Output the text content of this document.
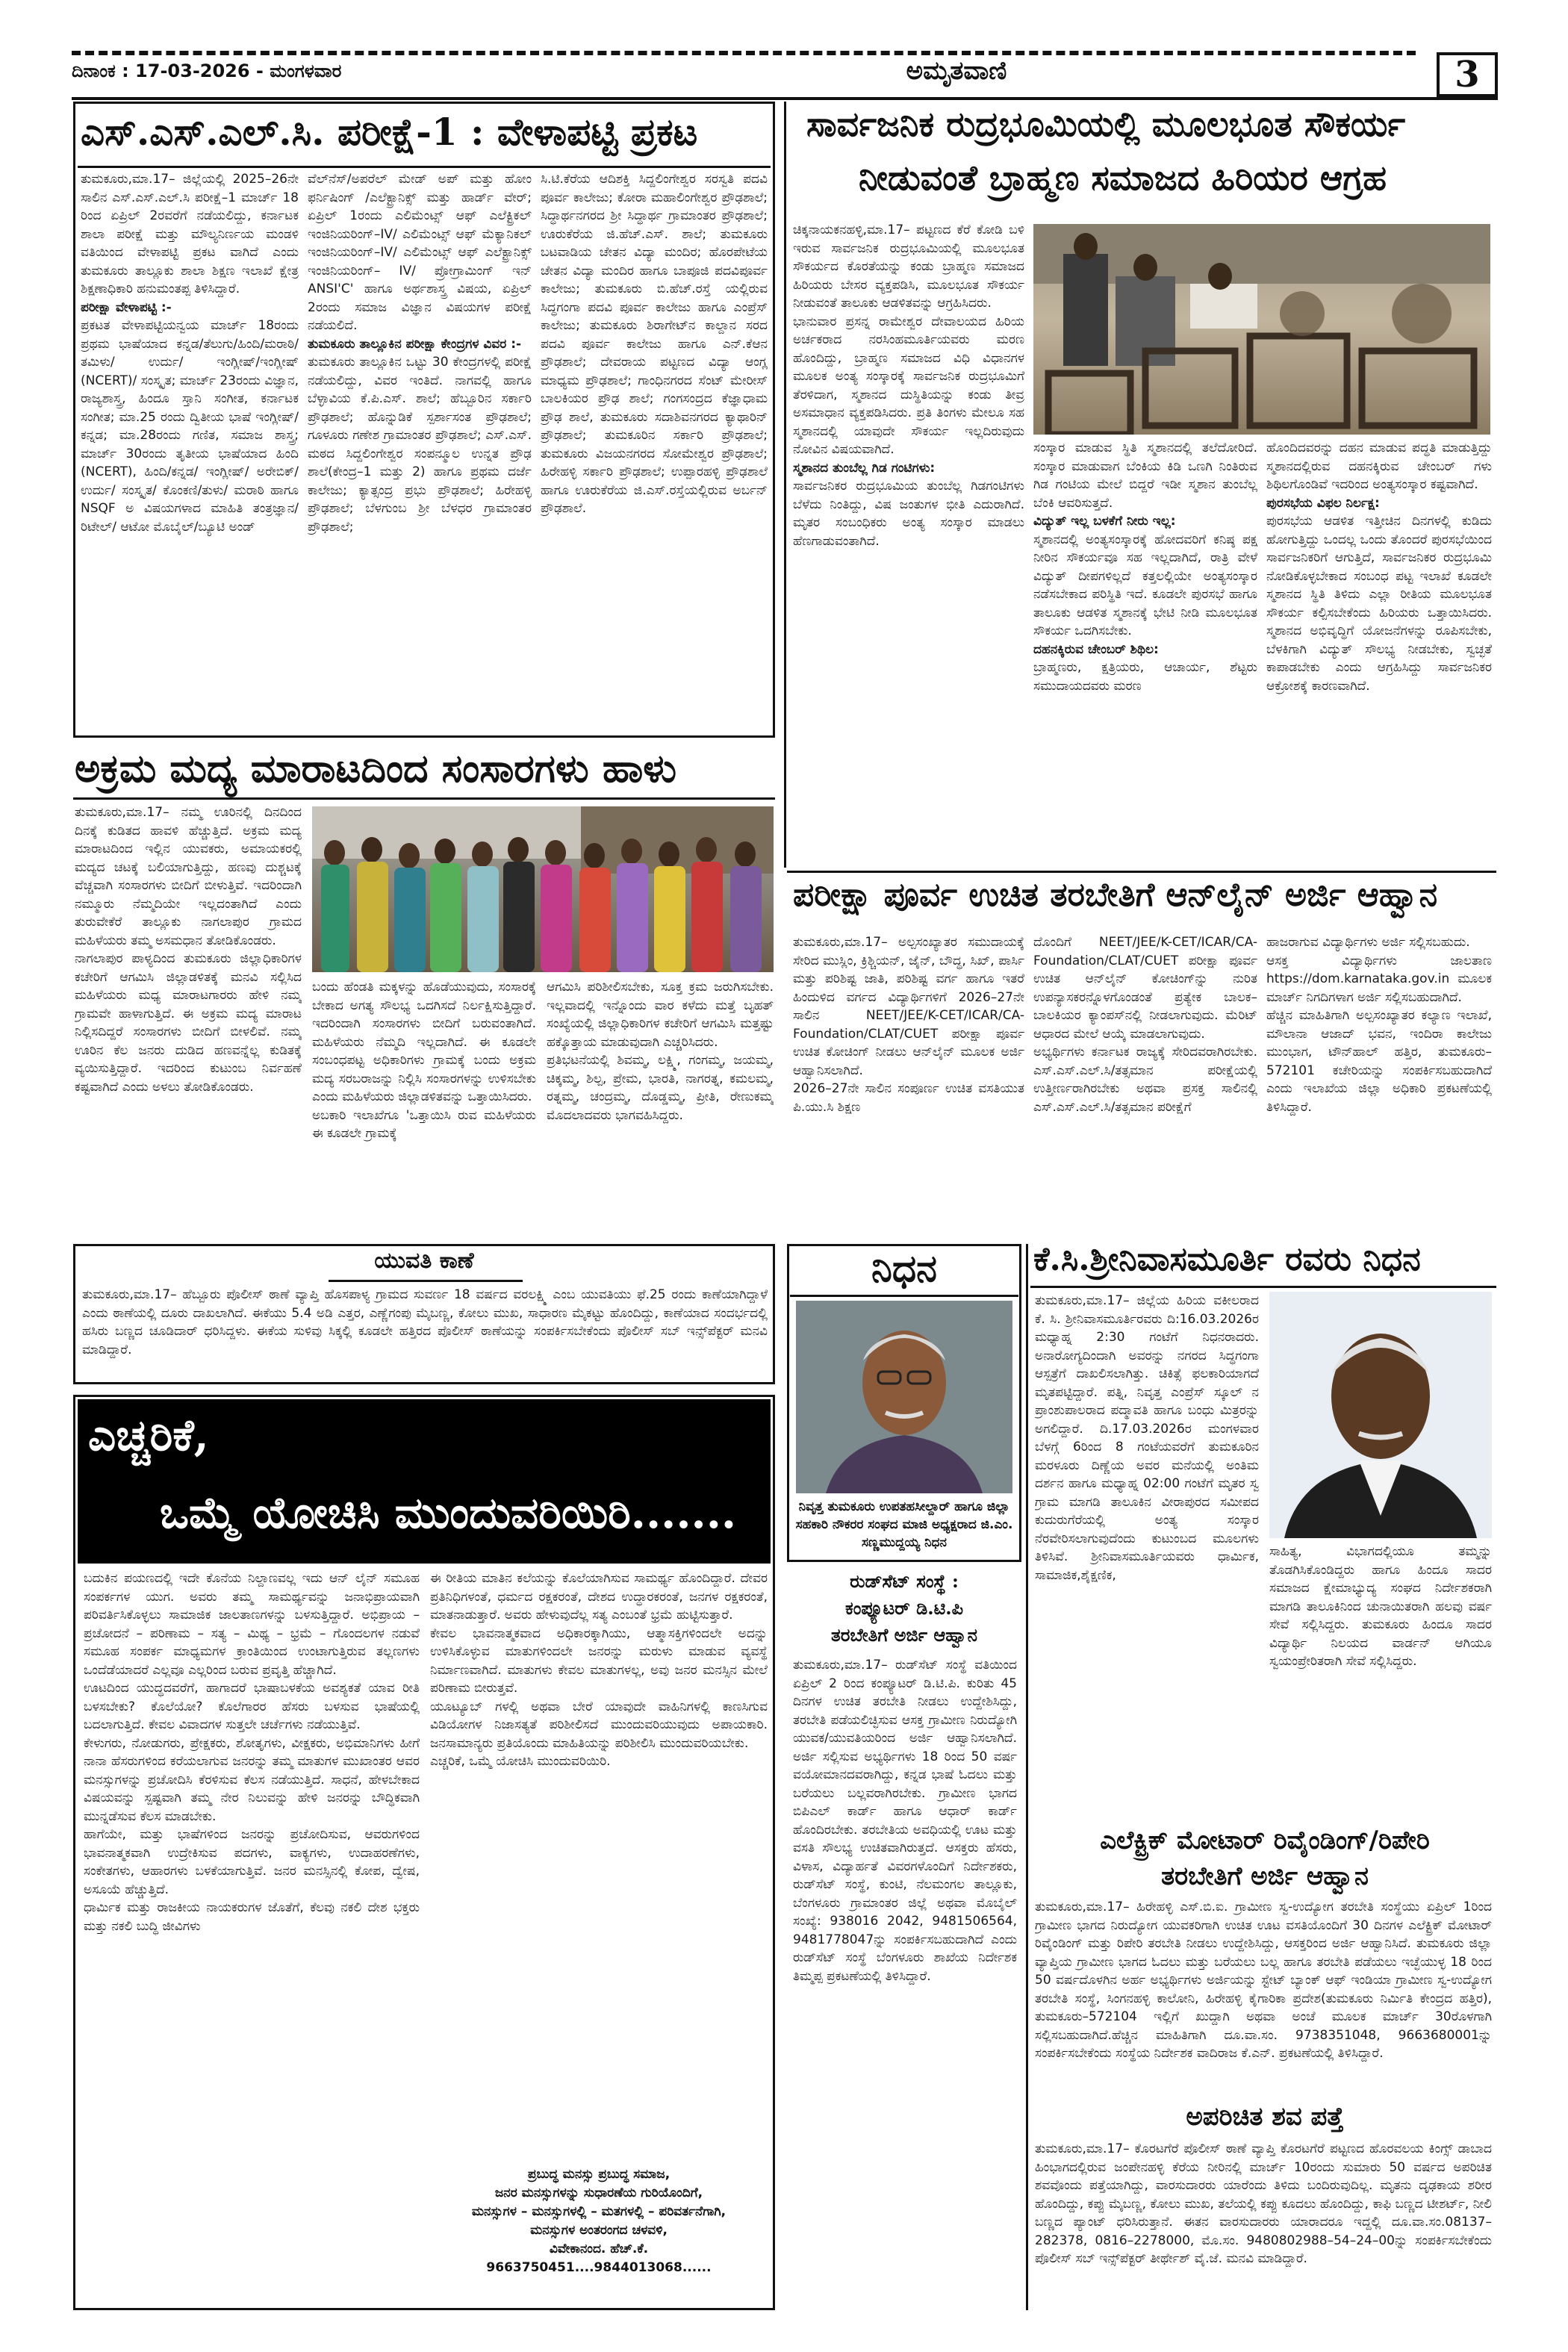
ದಿನಾಂಕ : 17-03-2026 - ಮಂಗಳವಾರ	ಅಮೃತವಾಣಿ	3
ಎಸ್.ಎಸ್.ಎಲ್.ಸಿ. ಪರೀಕ್ಷೆ-1 : ವೇಳಾಪಟ್ಟಿ ಪ್ರಕಟ
ತುಮಕೂರು,ಮಾ.17– ಜಿಲ್ಲೆಯಲ್ಲಿ 2025–26ನೇ ಸಾಲಿನ ಎಸ್.ಎಸ್.ಎಲ್.ಸಿ ಪರೀಕ್ಷೆ–1 ಮಾರ್ಚ್ 18 ರಿಂದ ಏಪ್ರಿಲ್ 2ರವರೆಗೆ ನಡೆಯಲಿದ್ದು, ಕರ್ನಾಟಕ ಶಾಲಾ ಪರೀಕ್ಷೆ ಮತ್ತು ಮೌಲ್ಯನಿರ್ಣಯ ಮಂಡಳಿ ವತಿಯಿಂದ ವೇಳಾಪಟ್ಟಿ ಪ್ರಕಟ ವಾಗಿದೆ ಎಂದು ತುಮಕೂರು ತಾಲ್ಲೂಕು ಶಾಲಾ ಶಿಕ್ಷಣ ಇಲಾಖೆ ಕ್ಷೇತ್ರ ಶಿಕ್ಷಣಾಧಿಕಾರಿ ಹನುಮಂತಪ್ಪ ತಿಳಿಸಿದ್ದಾರೆ.
ಪರೀಕ್ಷಾ ವೇಳಾಪಟ್ಟಿ :-
ಪ್ರಕಟತ ವೇಳಾಪಟ್ಟಿಯನ್ವಯ ಮಾರ್ಚ್ 18ರಂದು ಪ್ರಥಮ ಭಾಷೆಯಾದ ಕನ್ನಡ/ತೆಲುಗು/ಹಿಂದಿ/ಮರಾಠಿ/ ತಮಿಳು/ ಉರ್ದು/ ಇಂಗ್ಲೀಷ್/ಇಂಗ್ಲೀಷ್ (NCERT)/ ಸಂಸ್ಕೃತ; ಮಾರ್ಚ್ 23ರಂದು ವಿಜ್ಞಾನ, ರಾಜ್ಯಶಾಸ್ತ್ರ, ಹಿಂದೂ ಸ್ತಾನಿ ಸಂಗೀತ, ಕರ್ನಾಟಕ ಸಂಗೀತ; ಮಾ.25 ರಂದು ದ್ವಿತೀಯ ಭಾಷೆ ಇಂಗ್ಲೀಷ್/ ಕನ್ನಡ; ಮಾ.28ರಂದು ಗಣಿತ, ಸಮಾಜ ಶಾಸ್ತ್ರ; ಮಾರ್ಚ್ 30ರಂದು ತೃತೀಯ ಭಾಷೆಯಾದ ಹಿಂದಿ (NCERT), ಹಿಂದಿ/ಕನ್ನಡ/ ಇಂಗ್ಲೀಷ್/ ಅರೇಬಿಕ್/ ಉರ್ದು/ ಸಂಸ್ಕೃತ/ ಕೊಂಕಣಿ/ತುಳು/ ಮರಾಠಿ ಹಾಗೂ NSQF ಅ ವಿಷಯಗಳಾದ ಮಾಹಿತಿ ತಂತ್ರಜ್ಞಾನ/ ರಿಟೇಲ್/ ಆಟೋ ಮೊಬೈಲ್/ಬ್ಯೂಟಿ ಅಂಡ್
ವೆಲ್‌ನೆಸ್/ಅಪರೆಲ್ ಮೇಡ್ ಅಪ್ ಮತ್ತು ಹೋಂ ಫರ್ನಿಷಿಂಗ್ /ಎಲೆಕ್ಟ್ರಾನಿಕ್ಸ್ ಮತ್ತು ಹಾರ್ಡ್ ವೇರ್; ಏಪ್ರಿಲ್ 1ರಂದು ಎಲಿಮೆಂಟ್ಸ್ ಆಫ್ ಎಲೆಕ್ಟ್ರಿಕಲ್ ಇಂಜಿನಿಯರಿಂಗ್–IV/ ಎಲಿಮೆಂಟ್ಸ್ ಆಫ್ ಮೆಕ್ಯಾನಿಕಲ್ ಇಂಜಿನಿಯರಿಂಗ್–IV/ ಎಲಿಮೆಂಟ್ಸ್ ಆಫ್ ಎಲೆಕ್ಟ್ರಾನಿಕ್ಸ್ ಇಂಜಿನಿಯರಿಂಗ್– IV/ ಪ್ರೋಗ್ರಾಮಿಂಗ್ ಇನ್ ANSI'C' ಹಾಗೂ ಅರ್ಥಶಾಸ್ತ್ರ ವಿಷಯ, ಏಪ್ರಿಲ್ 2ರಂದು ಸಮಾಜ ವಿಜ್ಞಾನ ವಿಷಯಗಳ ಪರೀಕ್ಷೆ ನಡೆಯಲಿದೆ.
ತುಮಕೂರು ತಾಲ್ಲೂಕಿನ ಪರೀಕ್ಷಾ ಕೇಂದ್ರಗಳ ವಿವರ :-
ತುಮಕೂರು ತಾಲ್ಲೂಕಿನ ಒಟ್ಟು 30 ಕೇಂದ್ರಗಳಲ್ಲಿ ಪರೀಕ್ಷೆ ನಡೆಯಲಿದ್ದು, ವಿವರ ಇಂತಿದೆ. ನಾಗವಲ್ಲಿ ಹಾಗೂ ಬೆಳ್ಳಾವಿಯ ಕೆ.ಪಿ.ಎಸ್. ಶಾಲೆ; ಹೆಬ್ಬೂರಿನ ಸರ್ಕಾರಿ ಪ್ರೌಢಶಾಲೆ; ಹೊನ್ನುಡಿಕೆ ಸ್ಪರ್ಶಾಸಂತ ಪ್ರೌಢಶಾಲೆ; ಗೂಳೂರು ಗಣೇಶ ಗ್ರಾಮಾಂತರ ಪ್ರೌಢಶಾಲೆ; ಎಸ್.ಎಸ್. ಮಠದ ಸಿದ್ದಲಿಂಗೇಶ್ವರ ಸಂಪನ್ಮೂಲ ಉನ್ನತ ಪ್ರೌಢ ಶಾಲೆ(ಕೇಂದ್ರ–1 ಮತ್ತು 2) ಹಾಗೂ ಪ್ರಥಮ ದರ್ಜೆ ಕಾಲೇಜು; ಕ್ಯಾತ್ಸಂದ್ರ ಪ್ರಭು ಪ್ರೌಢಶಾಲೆ; ಹಿರೇಹಳ್ಳಿ ಪ್ರೌಢಶಾಲೆ; ಬೆಳಗುಂಬ ಶ್ರೀ ಬೆಳಧರ ಗ್ರಾಮಾಂತರ ಪ್ರೌಢಶಾಲೆ;
ಸಿ.ಟಿ.ಕೆರೆಯ ಆದಿಶಕ್ತಿ ಸಿದ್ದಲಿಂಗೇಶ್ವರ ಸರಸ್ವತಿ ಪದವಿ ಪೂರ್ವ ಕಾಲೇಜು; ಕೋರಾ ಮಹಾಲಿಂಗೇಶ್ವರ ಪ್ರೌಢಶಾಲೆ; ಸಿದ್ಧಾರ್ಥನಗರದ ಶ್ರೀ ಸಿದ್ಧಾರ್ಥ ಗ್ರಾಮಾಂತರ ಪ್ರೌಢಶಾಲೆ; ಊರುಕೆರೆಯ ಜಿ.ಹೆಚ್.ಎಸ್. ಶಾಲೆ; ತುಮಕೂರು ಬಟವಾಡಿಯ ಚೇತನ ವಿದ್ಯಾ ಮಂದಿರ; ಹೊರಪೇಟೆಯ ಚೇತನ ವಿದ್ಯಾ ಮಂದಿರ ಹಾಗೂ ಬಾಪೂಜಿ ಪದವಿಪೂರ್ವ ಕಾಲೇಜು; ತುಮಕೂರು ಬಿ.ಹೆಚ್.ರಸ್ತೆ ಯಲ್ಲಿರುವ ಸಿದ್ಧಗಂಗಾ ಪದವಿ ಪೂರ್ವ ಕಾಲೇಜು ಹಾಗೂ ಎಂಪ್ರೆಸ್ ಕಾಲೇಜು; ತುಮಕೂರು ಶಿರಾಗೇಟ್‌ನ ಕಾಲ್ದಾನ ಸರದ ಪದವಿ ಪೂರ್ವ ಕಾಲೇಜು ಹಾಗೂ ಎನ್.ಕೆಆನ ಪ್ರೌಢಶಾಲೆ; ದೇವರಾಯ ಪಟ್ಟಣದ ವಿದ್ಯಾ ಆಂಗ್ಲ ಮಾಧ್ಯಮ ಪ್ರೌಢಶಾಲೆ; ಗಾಂಧಿನಗರದ ಸೆಂಟ್ ಮೇರೀಸ್ ಬಾಲಕಿಯರ ಪ್ರೌಢ ಶಾಲೆ; ಗಂಗಸಂದ್ರದ ಕೆಜ್ಞಾಧಾಮ ಪ್ರೌಢ ಶಾಲೆ, ತುಮಕೂರು ಸದಾಶಿವನಗರದ ಕ್ಯಾಥಾರಿನ್ ಪ್ರೌಢಶಾಲೆ; ತುಮಕೂರಿನ ಸರ್ಕಾರಿ ಪ್ರೌಢಶಾಲೆ; ತುಮಕೂರು ವಿಜಯನಗರದ ಸೋಮೇಶ್ವರ ಪ್ರೌಢಶಾಲೆ; ಹಿರೇಹಳ್ಳಿ ಸರ್ಕಾರಿ ಪ್ರೌಢಶಾಲೆ; ಉಪ್ಪಾರಹಳ್ಳಿ ಪ್ರೌಢಶಾಲೆ ಹಾಗೂ ಊರುಕೆರೆಯ ಜಿ.ಎಸ್.ರಸ್ತೆಯಲ್ಲಿರುವ ಅರ್ಬನ್ ಪ್ರೌಢಶಾಲೆ.
ಅಕ್ರಮ ಮದ್ಯ ಮಾರಾಟದಿಂದ ಸಂಸಾರಗಳು ಹಾಳು
ತುಮಕೂರು,ಮಾ.17– ನಮ್ಮ ಊರಿನಲ್ಲಿ ದಿನದಿಂದ ದಿನಕ್ಕೆ ಕುಡಿತದ ಹಾವಳಿ ಹೆಚ್ಚುತ್ತಿದೆ. ಅಕ್ರಮ ಮದ್ಯ ಮಾರಾಟದಿಂದ ಇಲ್ಲಿನ ಯುವಕರು, ಅಮಾಯಕರಲ್ಲಿ ಮದ್ಯದ ಚಟಕ್ಕೆ ಬಲಿಯಾಗುತ್ತಿದ್ದು, ಹಣವು ದುಶ್ಚಟಕ್ಕೆ ವೆಚ್ಚವಾಗಿ ಸಂಸಾರಗಳು ಬೀದಿಗೆ ಬೀಳುತ್ತಿವೆ. ಇದರಿಂದಾಗಿ ನಮ್ಮೂರು ನೆಮ್ಮದಿಯೇ ಇಲ್ಲದಂತಾಗಿದೆ ಎಂದು ತುರುವೇಕೆರೆ ತಾಲ್ಲೂಕು ನಾಗಲಾಪುರ ಗ್ರಾಮದ ಮಹಿಳೆಯರು ತಮ್ಮ ಅಸಮಧಾನ ತೋಡಿಕೊಂಡರು.
ನಾಗಲಾಪುರ ಪಾಳ್ಯದಿಂದ ತುಮಕೂರು ಜಿಲ್ಲಾಧಿಕಾರಿಗಳ ಕಚೇರಿಗೆ ಆಗಮಿಸಿ ಜಿಲ್ಲಾಡಳಿತಕ್ಕೆ ಮನವಿ ಸಲ್ಲಿಸಿದ ಮಹಿಳೆಯರು ಮಧ್ಯ ಮಾರಾಟಗಾರರು ಹೇಳಿ ನಮ್ಮ ಗ್ರಾಮವೇ ಹಾಳಾಗುತ್ತಿದೆ. ಈ ಅಕ್ರಮ ಮದ್ಯ ಮಾರಾಟ ನಿಲ್ಲಿಸದಿದ್ದರೆ ಸಂಸಾರಗಳು ಬೀದಿಗೆ ಬೀಳಲಿವೆ. ನಮ್ಮ ಊರಿನ ಕೆಲ ಜನರು ದುಡಿದ ಹಣವನ್ನೆಲ್ಲ ಕುಡಿತಕ್ಕೆ ವ್ಯಯಿಸುತ್ತಿದ್ದಾರೆ. ಇದರಿಂದ ಕುಟುಂಬ ನಿರ್ವಹಣೆ ಕಷ್ಟವಾಗಿದೆ ಎಂದು ಅಳಲು ತೋಡಿಕೊಂಡರು.
ಬಂದು ಹೆಂಡತಿ ಮಕ್ಕಳನ್ನು ಹೊಡೆಯುವುದು, ಸಂಸಾರಕ್ಕೆ ಬೇಕಾದ ಅಗತ್ಯ ಸೌಲಭ್ಯ ಒದಗಿಸದೆ ನಿರ್ಲಕ್ಷಿಸುತ್ತಿದ್ದಾರೆ. ಇದರಿಂದಾಗಿ ಸಂಸಾರಗಳು ಬೀದಿಗೆ ಬರುವಂತಾಗಿದೆ. ಮಹಿಳೆಯರು ನೆಮ್ಮದಿ ಇಲ್ಲದಾಗಿದೆ. ಈ ಕೂಡಲೇ ಸಂಬಂಧಪಟ್ಟ ಅಧಿಕಾರಿಗಳು ಗ್ರಾಮಕ್ಕೆ ಬಂದು ಅಕ್ರಮ ಮದ್ಯ ಸರಬರಾಜನ್ನು ನಿಲ್ಲಿಸಿ ಸಂಸಾರಗಳನ್ನು ಉಳಿಸಬೇಕು ಎಂದು ಮಹಿಳೆಯರು ಜಿಲ್ಲಾಡಳಿತವನ್ನು ಒತ್ತಾಯಿಸಿದರು.
ಅಬಕಾರಿ ಇಲಾಖೆಗೂ 'ಒತ್ತಾಯಿಸಿ ರುವ ಮಹಿಳೆಯರು ಈ ಕೂಡಲೇ ಗ್ರಾಮಕ್ಕೆ
ಆಗಮಿಸಿ ಪರಿಶೀಲಿಸಬೇಕು, ಸೂಕ್ತ ಕ್ರಮ ಜರುಗಿಸಬೇಕು. ಇಲ್ಲವಾದಲ್ಲಿ ಇನ್ನೊಂದು ವಾರ ಕಳೆದು ಮತ್ತೆ ಬೃಹತ್ ಸಂಖ್ಯೆಯಲ್ಲಿ ಜಿಲ್ಲಾಧಿಕಾರಿಗಳ ಕಚೇರಿಗೆ ಆಗಮಿಸಿ ಮತ್ತಷ್ಟು ಹಕ್ಕೊತ್ತಾಯ ಮಾಡುವುದಾಗಿ ಎಚ್ಚರಿಸಿದರು.
ಪ್ರತಿಭಟನೆಯಲ್ಲಿ ಶಿವಮ್ಮ, ಲಕ್ಷ್ಮಿ, ಗಂಗಮ್ಮ, ಜಯಮ್ಮ, ಚಿಕ್ಕಮ್ಮ, ಶಿಲ್ಪ, ಪ್ರೇಮ, ಭಾರತಿ, ನಾಗರತ್ನ, ಕಮಲಮ್ಮ, ರತ್ನಮ್ಮ, ಚಂದ್ರಮ್ಮ, ದೊಡ್ಡಮ್ಮ, ಪ್ರೀತಿ, ರೇಣುಕಮ್ಮ ಮೊದಲಾದವರು ಭಾಗವಹಿಸಿದ್ದರು.
ಸಾರ್ವಜನಿಕ ರುದ್ರಭೂಮಿಯಲ್ಲಿ ಮೂಲಭೂತ ಸೌಕರ್ಯ
ನೀಡುವಂತೆ ಬ್ರಾಹ್ಮಣ ಸಮಾಜದ ಹಿರಿಯರ ಆಗ್ರಹ
ಚಿಕ್ಕನಾಯಕನಹಳ್ಳಿ,ಮಾ.17– ಪಟ್ಟಣದ ಕೆರೆ ಕೋಡಿ ಬಳಿ ಇರುವ ಸಾರ್ವಜನಿಕ ರುದ್ರಭೂಮಿಯಲ್ಲಿ ಮೂಲಭೂತ ಸೌಕರ್ಯದ ಕೊರತೆಯನ್ನು ಕಂಡು ಬ್ರಾಹ್ಮಣ ಸಮಾಜದ ಹಿರಿಯರು ಬೇಸರ ವ್ಯಕ್ತಪಡಿಸಿ, ಮೂಲಭೂತ ಸೌಕರ್ಯ ನೀಡುವಂತೆ ತಾಲೂಕು ಆಡಳಿತವನ್ನು ಆಗ್ರಹಿಸಿದರು.
ಭಾನುವಾರ ಪ್ರಸನ್ನ ರಾಮೇಶ್ವರ ದೇವಾಲಯದ ಹಿರಿಯ ಅರ್ಚಕರಾದ ನರಸಿಂಹಮೂರ್ತಿಯವರು ಮರಣ ಹೊಂದಿದ್ದು, ಬ್ರಾಹ್ಮಣ ಸಮಾಜದ ವಿಧಿ ವಿಧಾನಗಳ ಮೂಲಕ ಅಂತ್ಯ ಸಂಸ್ಕಾರಕ್ಕೆ ಸಾರ್ವಜನಿಕ ರುದ್ರಭೂಮಿಗೆ ತೆರಳಿದಾಗ, ಸ್ಮಶಾನದ ದುಸ್ಥಿತಿಯನ್ನು ಕಂಡು ತೀವ್ರ ಅಸಮಾಧಾನ ವ್ಯಕ್ತಪಡಿಸಿದರು. ಪ್ರತಿ ತಿಂಗಳು ಮೇಲೂ ಸಹ ಸ್ಮಶಾನದಲ್ಲಿ ಯಾವುದೇ ಸೌಕರ್ಯ ಇಲ್ಲದಿರುವುದು ನೋವಿನ ವಿಷಯವಾಗಿದೆ.
ಸ್ಮಶಾನದ ತುಂಬೆಲ್ಲ ಗಿಡ ಗಂಟಿಗಳು:
ಸಾರ್ವಜನಿಕರ ರುದ್ರಭೂಮಿಯ ತುಂಬೆಲ್ಲ ಗಿಡಗಂಟಿಗಳು ಬೆಳೆದು ನಿಂತಿದ್ದು, ವಿಷ ಜಂತುಗಳ ಭೀತಿ ಎದುರಾಗಿದೆ. ಮೃತರ ಸಂಬಂಧಿಕರು ಅಂತ್ಯ ಸಂಸ್ಕಾರ ಮಾಡಲು ಹೆಣಗಾಡುವಂತಾಗಿದೆ.
ಸಂಸ್ಕಾರ ಮಾಡುವ ಸ್ಥಿತಿ ಸ್ಮಶಾನದಲ್ಲಿ ತಲೆದೋರಿದೆ. ಸಂಸ್ಕಾರ ಮಾಡುವಾಗ ಬೆಂಕಿಯ ಕಿಡಿ ಒಣಗಿ ನಿಂತಿರುವ ಗಿಡ ಗಂಟಿಯ ಮೇಲೆ ಬಿದ್ದರೆ ಇಡೀ ಸ್ಮಶಾನ ತುಂಬೆಲ್ಲ ಬೆಂಕಿ ಆವರಿಸುತ್ತದೆ.
ವಿದ್ಯುತ್ ಇಲ್ಲ ಬಳಕೆಗೆ ನೀರು ಇಲ್ಲ:
ಸ್ಮಶಾನದಲ್ಲಿ ಅಂತ್ಯಸಂಸ್ಕಾರಕ್ಕೆ ಹೋದವರಿಗೆ ಕನಿಷ್ಠ ಪಕ್ಷ ನೀರಿನ ಸೌಕರ್ಯವೂ ಸಹ ಇಲ್ಲದಾಗಿದೆ, ರಾತ್ರಿ ವೇಳೆ ವಿದ್ಯುತ್ ದೀಪಗಳಿಲ್ಲದೆ ಕತ್ತಲಲ್ಲಿಯೇ ಅಂತ್ಯಸಂಸ್ಕಾರ ನಡೆಸಬೇಕಾದ ಪರಿಸ್ಥಿತಿ ಇದೆ. ಕೂಡಲೇ ಪುರಸಭೆ ಹಾಗೂ ತಾಲೂಕು ಆಡಳಿತ ಸ್ಮಶಾನಕ್ಕೆ ಭೇಟಿ ನೀಡಿ ಮೂಲಭೂತ ಸೌಕರ್ಯ ಒದಗಿಸಬೇಕು.
ದಹನಕ್ಕಿರುವ ಚೇಂಬರ್ ಶಿಥಿಲ:
ಬ್ರಾಹ್ಮಣರು, ಕ್ಷತ್ರಿಯರು, ಆಚಾರ್ಯ, ಶೆಟ್ಟರು ಸಮುದಾಯದವರು ಮರಣ
ಹೊಂದಿದವರನ್ನು ದಹನ ಮಾಡುವ ಪದ್ಧತಿ ಮಾಡುತ್ತಿದ್ದು ಸ್ಮಶಾನದಲ್ಲಿರುವ ದಹನಕ್ಕಿರುವ ಚೇಂಬರ್ ಗಳು ಶಿಥಿಲಗೊಂಡಿವೆ ಇದರಿಂದ ಅಂತ್ಯಸಂಸ್ಕಾರ ಕಷ್ಟವಾಗಿದೆ.
ಪುರಸಭೆಯ ವಿಫಲ ನಿರ್ಲಕ್ಷ:
ಪುರಸಭೆಯ ಆಡಳಿತ ಇತ್ತೀಚಿನ ದಿನಗಳಲ್ಲಿ ಕುಡಿದು ಹೋಗುತ್ತಿದ್ದು ಒಂದಲ್ಲ ಒಂದು ತೊಂದರೆ ಪುರಸಭೆಯಿಂದ ಸಾರ್ವಜನಿಕರಿಗೆ ಆಗುತ್ತಿದೆ, ಸಾರ್ವಜನಿಕರ ರುದ್ರಭೂಮಿ ನೋಡಿಕೊಳ್ಳಬೇಕಾದ ಸಂಬಂಧ ಪಟ್ಟ ಇಲಾಖೆ ಕೂಡಲೇ ಸ್ಮಶಾನದ ಸ್ಥಿತಿ ತಿಳಿದು ಎಲ್ಲಾ ರೀತಿಯ ಮೂಲಭೂತ ಸೌಕರ್ಯ ಕಲ್ಪಿಸಬೇಕೆಂದು ಹಿರಿಯರು ಒತ್ತಾಯಿಸಿದರು. ಸ್ಮಶಾನದ ಅಭಿವೃದ್ಧಿಗೆ ಯೋಜನೆಗಳನ್ನು ರೂಪಿಸಬೇಕು, ಬೆಳಕಿಗಾಗಿ ವಿದ್ಯುತ್ ಸೌಲಭ್ಯ ನೀಡಬೇಕು, ಸ್ವಚ್ಛತೆ ಕಾಪಾಡಬೇಕು ಎಂದು ಆಗ್ರಹಿಸಿದ್ದು ಸಾರ್ವಜನಿಕರ ಆಕ್ರೋಶಕ್ಕೆ ಕಾರಣವಾಗಿದೆ.
ಪರೀಕ್ಷಾ ಪೂರ್ವ ಉಚಿತ ತರಬೇತಿಗೆ ಆನ್‌ಲೈನ್ ಅರ್ಜಿ ಆಹ್ವಾನ
ತುಮಕೂರು,ಮಾ.17– ಅಲ್ಪಸಂಖ್ಯಾತರ ಸಮುದಾಯಕ್ಕೆ ಸೇರಿದ ಮುಸ್ಲಿಂ, ಕ್ರಿಶ್ಚಿಯನ್, ಜೈನ್, ಬೌದ್ಧ, ಸಿಖ್, ಪಾರ್ಸಿ ಮತ್ತು ಪರಿಶಿಷ್ಟ ಜಾತಿ, ಪರಿಶಿಷ್ಟ ವರ್ಗ ಹಾಗೂ ಇತರೆ ಹಿಂದುಳಿದ ವರ್ಗದ ವಿದ್ಯಾರ್ಥಿಗಳಿಗೆ 2026–27ನೇ ಸಾಲಿನ NEET/JEE/K-CET/ICAR/CA-Foundation/CLAT/CUET ಪರೀಕ್ಷಾ ಪೂರ್ವ ಉಚಿತ ಕೋಚಿಂಗ್ ನೀಡಲು ಆನ್‌ಲೈನ್ ಮೂಲಕ ಅರ್ಜಿ ಆಹ್ವಾನಿಸಲಾಗಿದೆ.
2026–27ನೇ ಸಾಲಿನ ಸಂಪೂರ್ಣ ಉಚಿತ ವಸತಿಯುತ ಪಿ.ಯು.ಸಿ ಶಿಕ್ಷಣ
ದೊಂದಿಗೆ NEET/JEE/K-CET/ICAR/CA-Foundation/CLAT/CUET ಪರೀಕ್ಷಾ ಪೂರ್ವ ಉಚಿತ ಆನ್‌ಲೈನ್ ಕೋಚಿಂಗ್‌ನ್ನು ನುರಿತ ಉಪನ್ಯಾಸಕರನ್ನೊಳಗೊಂಡಂತೆ ಪ್ರತ್ಯೇಕ ಬಾಲಕ–ಬಾಲಕಿಯರ ಕ್ಯಾಂಪಸ್‌ನಲ್ಲಿ ನೀಡಲಾಗುವುದು. ಮೆರಿಟ್ ಆಧಾರದ ಮೇಲೆ ಆಯ್ಕೆ ಮಾಡಲಾಗುವುದು.
ಅಭ್ಯರ್ಥಿಗಳು ಕರ್ನಾಟಕ ರಾಜ್ಯಕ್ಕೆ ಸೇರಿದವರಾಗಿರಬೇಕು. ಎಸ್.ಎಸ್.ಎಲ್.ಸಿ/ತತ್ಸಮಾನ ಪರೀಕ್ಷೆಯಲ್ಲಿ ಉತ್ತೀರ್ಣರಾಗಿರಬೇಕು ಅಥವಾ ಪ್ರಸಕ್ತ ಸಾಲಿನಲ್ಲಿ ಎಸ್.ಎಸ್.ಎಲ್.ಸಿ/ತತ್ಸಮಾನ ಪರೀಕ್ಷೆಗೆ
ಹಾಜರಾಗುವ ವಿದ್ಯಾರ್ಥಿಗಳು ಅರ್ಜಿ ಸಲ್ಲಿಸಬಹುದು.
ಆಸಕ್ತ ವಿದ್ಯಾರ್ಥಿಗಳು ಜಾಲತಾಣ https://dom.karnataka.gov.in ಮೂಲಕ ಮಾರ್ಚ್ ನಿಗದಿಗಳಾಗ ಅರ್ಜಿ ಸಲ್ಲಿಸಬಹುದಾಗಿದೆ.
ಹೆಚ್ಚಿನ ಮಾಹಿತಿಗಾಗಿ ಅಲ್ಪಸಂಖ್ಯಾತರ ಕಲ್ಯಾಣ ಇಲಾಖೆ, ಮೌಲಾನಾ ಆಜಾದ್ ಭವನ, ಇಂದಿರಾ ಕಾಲೇಜು ಮುಂಭಾಗ, ಟೌನ್‌ಹಾಲ್ ಹತ್ತಿರ, ತುಮಕೂರು–572101 ಕಚೇರಿಯನ್ನು ಸಂಪರ್ಕಿಸಬಹುದಾಗಿದೆ ಎಂದು ಇಲಾಖೆಯ ಜಿಲ್ಲಾ ಅಧಿಕಾರಿ ಪ್ರಕಟಣೆಯಲ್ಲಿ ತಿಳಿಸಿದ್ದಾರೆ.
ಯುವತಿ ಕಾಣೆ
ತುಮಕೂರು,ಮಾ.17– ಹೆಬ್ಬೂರು ಪೊಲೀಸ್ ಠಾಣೆ ವ್ಯಾಪ್ತಿ ಹೊಸಪಾಳ್ಯ ಗ್ರಾಮದ ಸುವರ್ಣ 18 ವರ್ಷದ ವರಲಕ್ಷ್ಮಿ ಎಂಬ ಯುವತಿಯು ಫೆ.25 ರಂದು ಕಾಣೆಯಾಗಿದ್ದಾಳೆ ಎಂದು ಠಾಣೆಯಲ್ಲಿ ದೂರು ದಾಖಲಾಗಿದೆ. ಈಕೆಯು 5.4 ಅಡಿ ಎತ್ತರ, ಎಣ್ಣೆಗಂಪು ಮೈಬಣ್ಣ, ಕೋಲು ಮುಖ, ಸಾಧಾರಣ ಮೈಕಟ್ಟು ಹೊಂದಿದ್ದು, ಕಾಣೆಯಾದ ಸಂದರ್ಭದಲ್ಲಿ ಹಸಿರು ಬಣ್ಣದ ಚೂಡಿದಾರ್ ಧರಿಸಿದ್ದಳು. ಈಕೆಯ ಸುಳಿವು ಸಿಕ್ಕಲ್ಲಿ ಕೂಡಲೇ ಹತ್ತಿರದ ಪೊಲೀಸ್ ಠಾಣೆಯನ್ನು ಸಂಪರ್ಕಿಸಬೇಕೆಂದು ಪೊಲೀಸ್ ಸಬ್ ಇನ್ಸ್‌ಪೆಕ್ಟರ್ ಮನವಿ ಮಾಡಿದ್ದಾರೆ.
ಎಚ್ಚರಿಕೆ,
ಒಮ್ಮೆ ಯೋಚಿಸಿ ಮುಂದುವರಿಯಿರಿ.......
ಬದುಕಿನ ಪಯಣದಲ್ಲಿ ಇದೇ ಕೊನೆಯ ನಿಲ್ದಾಣವಲ್ಲ ಇದು ಆನ್ ಲೈನ್ ಸಮೂಹ ಸಂಪರ್ಕಗಳ ಯುಗ. ಅವರು ತಮ್ಮ ಸಾಮರ್ಥ್ಯವನ್ನು ಜನಾಭಿಪ್ರಾಯವಾಗಿ ಪರಿವರ್ತಿಸಿಕೊಳ್ಳಲು ಸಾಮಾಜಿಕ ಜಾಲತಾಣಗಳನ್ನು ಬಳಸುತ್ತಿದ್ದಾರೆ. ಅಭಿಪ್ರಾಯ – ಪ್ರಚೋದನೆ – ಪರಿಣಾಮ – ಸತ್ಯ – ಮಿಥ್ಯ – ಭ್ರಮೆ – ಗೊಂದಲಗಳ ನಡುವೆ ಸಮೂಹ ಸಂಪರ್ಕ ಮಾಧ್ಯಮಗಳ ಕ್ರಾಂತಿಯಿಂದ ಉಂಟಾಗುತ್ತಿರುವ ತಲ್ಲಣಗಳು ಒಂದೆಡೆಯಾದರೆ ಎಲ್ಲವೂ ಎಲ್ಲರಿಂದ ಬರುವ ಪ್ರವೃತ್ತಿ ಹೆಚ್ಚಾಗಿದೆ.
ಊಟದಿಂದ ಯುದ್ಧದವರೆಗೆ, ಹಾಗಾದರೆ ಭಾಷಾಬಳಕೆಯ ಅವಶ್ಯಕತೆ ಯಾವ ರೀತಿ ಬಳಸಬೇಕು? ಕೊಲೆಯೋ? ಕೊಲೆಗಾರರ ಹೆಸರು ಬಳಸುವ ಭಾಷೆಯಲ್ಲಿ ಬದಲಾಗುತ್ತಿದೆ. ಕೇವಲ ವಿವಾದಗಳ ಸುತ್ತಲೇ ಚರ್ಚೆಗಳು ನಡೆಯುತ್ತಿವೆ.
ಕೇಳುಗರು, ನೋಡುಗರು, ಪ್ರೇಕ್ಷಕರು, ಶೋತೃಗಳು, ವೀಕ್ಷಕರು, ಅಭಿಮಾನಿಗಳು ಹೀಗೆ ನಾನಾ ಹೆಸರುಗಳಿಂದ ಕರೆಯಲಾಗುವ ಜನರನ್ನು ತಮ್ಮ ಮಾತುಗಳ ಮುಖಾಂತರ ಆವರ ಮನಸ್ಸುಗಳನ್ನು ಪ್ರಚೋದಿಸಿ ಕೆರಳಿಸುವ ಕೆಲಸ ನಡೆಯುತ್ತಿದೆ. ಸಾಧನೆ, ಹೇಳಬೇಕಾದ ವಿಷಯವನ್ನು ಸ್ಪಷ್ಟವಾಗಿ ತಮ್ಮ ನೇರ ನಿಲುವನ್ನು ಹೇಳಿ ಜನರನ್ನು ಬೌದ್ಧಿಕವಾಗಿ ಮುನ್ನಡೆಸುವ ಕೆಲಸ ಮಾಡಬೇಕು.
ಹಾಗೆಯೇ, ಮತ್ತು ಭಾಷೆಗಳಿಂದ ಜನರನ್ನು ಪ್ರಚೋದಿಸುವ, ಆವರುಗಳಿಂದ ಭಾವನಾತ್ಮಕವಾಗಿ ಉದ್ರೇಕಿಸುವ ಪದಗಳು, ವಾಕ್ಯಗಳು, ಉದಾಹರಣೆಗಳು, ಸಂಕೇತಗಳು, ಆಹಾರಗಳು ಬಳಕೆಯಾಗುತ್ತಿವೆ. ಜನರ ಮನಸ್ಸಿನಲ್ಲಿ ಕೋಪ, ದ್ವೇಷ, ಅಸೂಯೆ ಹೆಚ್ಚುತ್ತಿದೆ.
ಧಾರ್ಮಿಕ ಮತ್ತು ರಾಜಕೀಯ ನಾಯಕರುಗಳ ಜೊತೆಗೆ, ಕೆಲವು ನಕಲಿ ದೇಶ ಭಕ್ತರು ಮತ್ತು ನಕಲಿ ಬುದ್ಧಿ ಜೀವಿಗಳು
ಈ ರೀತಿಯ ಮಾತಿನ ಕಲೆಯನ್ನು ಕೊಲೆಯಾಗಿಸುವ ಸಾಮರ್ಥ್ಯ ಹೊಂದಿದ್ದಾರೆ. ದೇವರ ಪ್ರತಿನಿಧಿಗಳಂತೆ, ಧರ್ಮದ ರಕ್ಷಕರಂತೆ, ದೇಶದ ಉದ್ಧಾರಕರಂತೆ, ಜನಗಳ ರಕ್ಷಕರಂತೆ, ಮಾತನಾಡುತ್ತಾರೆ. ಅವರು ಹೇಳುವುದೆಲ್ಲ ಸತ್ಯ ಎಂಬಂತೆ ಭ್ರಮೆ ಹುಟ್ಟಿಸುತ್ತಾರೆ.
ಕೇವಲ ಭಾವನಾತ್ಮಕವಾದ ಅಧಿಕಾರಕ್ಕಾಗಿಯು, ಆತ್ಮಾಸಕ್ತಿಗಳಿಂದಲೇ ಅದನ್ನು ಉಳಿಸಿಕೊಳ್ಳುವ ಮಾತುಗಳಿಂದಲೇ ಜನರನ್ನು ಮರುಳು ಮಾಡುವ ವ್ಯವಸ್ಥೆ ನಿರ್ಮಾಣವಾಗಿದೆ. ಮಾತುಗಳು ಕೇವಲ ಮಾತುಗಳಲ್ಲ, ಅವು ಜನರ ಮನಸ್ಸಿನ ಮೇಲೆ ಪರಿಣಾಮ ಬೀರುತ್ತವೆ.
ಯೂಟ್ಯೂಬ್ ಗಳಲ್ಲಿ ಅಥವಾ ಬೇರೆ ಯಾವುದೇ ವಾಹಿನಿಗಳಲ್ಲಿ ಕಾಣಸಿಗುವ ವಿಡಿಯೋಗಳ ನಿಜಾಸತ್ಯತೆ ಪರಿಶೀಲಿಸದೆ ಮುಂದುವರಿಯುವುದು ಅಪಾಯಕಾರಿ. ಜನಸಾಮಾನ್ಯರು ಪ್ರತಿಯೊಂದು ಮಾಹಿತಿಯನ್ನು ಪರಿಶೀಲಿಸಿ ಮುಂದುವರಿಯಬೇಕು.
ಎಚ್ಚರಿಕೆ, ಒಮ್ಮೆ ಯೋಚಿಸಿ ಮುಂದುವರಿಯಿರಿ.
ಪ್ರಬುದ್ಧ ಮನಸ್ಸು ಪ್ರಬುದ್ಧ ಸಮಾಜ,
ಜನರ ಮನಸ್ಸುಗಳನ್ನು ಸುಧಾರಣೆಯ ಗುರಿಯೊಂದಿಗೆ,
ಮನಸ್ಸುಗಳ – ಮನಸ್ಸುಗಳಲ್ಲಿ – ಮತಗಳಲ್ಲಿ – ಪರಿವರ್ತನೆಗಾಗಿ,
ಮನಸ್ಸುಗಳ ಅಂತರಂಗದ ಚಳವಳಿ,
ವಿವೇಕಾನಂದ. ಹೆಚ್.ಕೆ.
9663750451....9844013068......
ನಿಧನ
ನಿವೃತ್ತ ತುಮಕೂರು ಉಪತಹಸೀಲ್ದಾರ್ ಹಾಗೂ ಜಿಲ್ಲಾ ಸಹಕಾರಿ ನೌಕರರ ಸಂಘದ ಮಾಜಿ ಅಧ್ಯಕ್ಷರಾದ ಜಿ.ಎಂ. ಸಣ್ಣಮುದ್ದಯ್ಯ ನಿಧನ
ರುಡ್‌ಸೆಟ್ ಸಂಸ್ಥೆ :
ಕಂಪ್ಯೂಟರ್ ಡಿ.ಟಿ.ಪಿ
ತರಬೇತಿಗೆ ಅರ್ಜಿ ಆಹ್ವಾನ
ತುಮಕೂರು,ಮಾ.17– ರುಡ್‌ಸೆಟ್ ಸಂಸ್ಥೆ ವತಿಯಿಂದ ಏಪ್ರಿಲ್ 2 ರಿಂದ ಕಂಪ್ಯೂಟರ್ ಡಿ.ಟಿ.ಪಿ. ಕುರಿತು 45 ದಿನಗಳ ಉಚಿತ ತರಬೇತಿ ನೀಡಲು ಉದ್ದೇಶಿಸಿದ್ದು, ತರಬೇತಿ ಪಡೆಯಲಿಚ್ಛಿಸುವ ಆಸಕ್ತ ಗ್ರಾಮೀಣ ನಿರುದ್ಯೋಗಿ ಯುವಕ/ಯುವತಿಯರಿಂದ ಅರ್ಜಿ ಆಹ್ವಾನಿಸಲಾಗಿದೆ. ಅರ್ಜಿ ಸಲ್ಲಿಸುವ ಅಭ್ಯರ್ಥಿಗಳು 18 ರಿಂದ 50 ವರ್ಷ ವಯೋಮಾನದವರಾಗಿದ್ದು, ಕನ್ನಡ ಭಾಷೆ ಓದಲು ಮತ್ತು ಬರೆಯಲು ಬಲ್ಲವರಾಗಿರಬೇಕು. ಗ್ರಾಮೀಣ ಭಾಗದ ಬಿಪಿಎಲ್ ಕಾರ್ಡ್ ಹಾಗೂ ಆಧಾರ್ ಕಾರ್ಡ್ ಹೊಂದಿರಬೇಕು. ತರಬೇತಿಯ ಅವಧಿಯಲ್ಲಿ ಊಟ ಮತ್ತು ವಸತಿ ಸೌಲಭ್ಯ ಉಚಿತವಾಗಿರುತ್ತದೆ. ಆಸಕ್ತರು ಹೆಸರು, ವಿಳಾಸ, ವಿದ್ಯಾರ್ಹತೆ ವಿವರಗಳೊಂದಿಗೆ ನಿರ್ದೇಶಕರು, ರುಡ್‌ಸೆಟ್ ಸಂಸ್ಥೆ, ಕುಂಟಿ, ನೆಲಮಂಗಲ ತಾಲ್ಲೂಕು, ಬೆಂಗಳೂರು ಗ್ರಾಮಾಂತರ ಜಿಲ್ಲೆ ಅಥವಾ ಮೊಬೈಲ್ ಸಂಖ್ಯೆ: 938016 2042, 9481506564, 9481778047ನ್ನು ಸಂಪರ್ಕಿಸಬಹುದಾಗಿದೆ ಎಂದು ರುಡ್‌ಸೆಟ್ ಸಂಸ್ಥೆ ಬೆಂಗಳೂರು ಶಾಖೆಯ ನಿರ್ದೇಶಕ ತಿಮ್ಮಪ್ಪ ಪ್ರಕಟಣೆಯಲ್ಲಿ ತಿಳಿಸಿದ್ದಾರೆ.
ಕೆ.ಸಿ.ಶ್ರೀನಿವಾಸಮೂರ್ತಿ ರವರು ನಿಧನ
ತುಮಕೂರು,ಮಾ.17– ಜಿಲ್ಲೆಯ ಹಿರಿಯ ವಕೀಲರಾದ ಕೆ. ಸಿ. ಶ್ರೀನಿವಾಸಮೂರ್ತಿರವರು ದಿ:16.03.2026ರ ಮಧ್ಯಾಹ್ನ 2:30 ಗಂಟೆಗೆ ನಿಧನರಾದರು. ಅನಾರೋಗ್ಯದಿಂದಾಗಿ ಅವರನ್ನು ನಗರದ ಸಿದ್ಧಗಂಗಾ ಆಸ್ಪತ್ರೆಗೆ ದಾಖಲಿಸಲಾಗಿತ್ತು. ಚಿಕಿತ್ಸೆ ಫಲಕಾರಿಯಾಗದೆ ಮೃತಪಟ್ಟಿದ್ದಾರೆ. ಪತ್ನಿ, ನಿವೃತ್ತ ಎಂಪ್ರೆಸ್ ಸ್ಕೂಲ್ ನ ಪ್ರಾಂಶುಪಾಲರಾದ ಪದ್ಮಾವತಿ ಹಾಗೂ ಬಂಧು ಮಿತ್ರರನ್ನು ಅಗಲಿದ್ದಾರೆ. ದಿ.17.03.2026ರ ಮಂಗಳವಾರ ಬೆಳಗ್ಗೆ 6ರಿಂದ 8 ಗಂಟೆಯವರೆಗೆ ತುಮಕೂರಿನ ಮರಳೂರು ದಿಣ್ಣೆಯ ಅವರ ಮನೆಯಲ್ಲಿ ಅಂತಿಮ ದರ್ಶನ ಹಾಗೂ ಮಧ್ಯಾಹ್ನ 02:00 ಗಂಟೆಗೆ ಮೃತರ ಸ್ವ ಗ್ರಾಮ ಮಾಗಡಿ ತಾಲೂಕಿನ ವೀರಾಪುರದ ಸಮೀಪದ ಕುದುರುಗೆರೆಯಲ್ಲಿ ಅಂತ್ಯ ಸಂಸ್ಕಾರ ನೆರವೇರಿಸಲಾಗುವುದೆಂದು ಕುಟುಂಬದ ಮೂಲಗಳು ತಿಳಿಸಿವೆ. ಶ್ರೀನಿವಾಸಮೂರ್ತಿಯವರು ಧಾರ್ಮಿಕ, ಸಾಮಾಜಿಕ,ಶೈಕ್ಷಣಿಕ,
ಸಾಹಿತ್ಯ, ವಿಭಾಗದಲ್ಲಿಯೂ ತಮ್ಮನ್ನು ತೊಡಗಿಸಿಕೊಂಡಿದ್ದರು ಹಾಗೂ ಹಿಂದೂ ಸಾದರ ಸಮಾಜದ ಕ್ಷೇಮಾಭ್ಯುದ್ಯ ಸಂಘದ ನಿರ್ದೇಶಕರಾಗಿ ಮಾಗಡಿ ತಾಲೂಕಿನಿಂದ ಚುನಾಯಿತರಾಗಿ ಹಲವು ವರ್ಷ ಸೇವೆ ಸಲ್ಲಿಸಿದ್ದರು. ತುಮಕೂರು ಹಿಂದೂ ಸಾದರ ವಿದ್ಯಾರ್ಥಿ ನಿಲಯದ ವಾರ್ಡನ್ ಆಗಿಯೂ ಸ್ವಯಂಪ್ರೇರಿತರಾಗಿ ಸೇವೆ ಸಲ್ಲಿಸಿದ್ದರು.
ಎಲೆಕ್ಟ್ರಿಕ್ ಮೋಟಾರ್ ರಿವೈಂಡಿಂಗ್/ರಿಪೇರಿ
ತರಬೇತಿಗೆ ಅರ್ಜಿ ಆಹ್ವಾನ
ತುಮಕೂರು,ಮಾ.17– ಹಿರೇಹಳ್ಳಿ ಎಸ್.ಬಿ.ಐ. ಗ್ರಾಮೀಣ ಸ್ವ-ಉದ್ಯೋಗ ತರಬೇತಿ ಸಂಸ್ಥೆಯು ಏಪ್ರಿಲ್ 1ರಿಂದ ಗ್ರಾಮೀಣ ಭಾಗದ ನಿರುದ್ಯೋಗ ಯುವಕರಿಗಾಗಿ ಉಚಿತ ಊಟ ವಸತಿಯೊಂದಿಗೆ 30 ದಿನಗಳ ಎಲೆಕ್ಟ್ರಿಕ್ ಮೋಟಾರ್ ರಿವೈಂಡಿಂಗ್ ಮತ್ತು ರಿಪೇರಿ ತರಬೇತಿ ನೀಡಲು ಉದ್ದೇಶಿಸಿದ್ದು, ಆಸಕ್ತರಿಂದ ಅರ್ಜಿ ಆಹ್ವಾನಿಸಿದೆ. ತುಮಕೂರು ಜಿಲ್ಲಾ ವ್ಯಾಪ್ತಿಯ ಗ್ರಾಮೀಣ ಭಾಗದ ಓದಲು ಮತ್ತು ಬರೆಯಲು ಬಲ್ಲ ಹಾಗೂ ತರಬೇತಿ ಪಡೆಯಲು ಇಚ್ಛೆಯುಳ್ಳ 18 ರಿಂದ 50 ವರ್ಷದೊಳಗಿನ ಅರ್ಹ ಅಭ್ಯರ್ಥಿಗಳು ಅರ್ಜಿಯನ್ನು ಸ್ಟೇಟ್ ಬ್ಯಾಂಕ್ ಆಫ್ ಇಂಡಿಯಾ ಗ್ರಾಮೀಣ ಸ್ವ-ಉದ್ಯೋಗ ತರಬೇತಿ ಸಂಸ್ಥೆ, ಸಿಂಗನಹಳ್ಳಿ ಕಾಲೋನಿ, ಹಿರೇಹಳ್ಳಿ ಕೈಗಾರಿಕಾ ಪ್ರದೇಶ(ತುಮಕೂರು ನಿರ್ಮಿತಿ ಕೇಂದ್ರದ ಹತ್ತಿರ), ತುಮಕೂರು–572104 ಇಲ್ಲಿಗೆ ಖುದ್ದಾಗಿ ಅಥವಾ ಅಂಚೆ ಮೂಲಕ ಮಾರ್ಚ್ 30ರೊಳಗಾಗಿ ಸಲ್ಲಿಸಬಹುದಾಗಿದೆ.ಹೆಚ್ಚಿನ ಮಾಹಿತಿಗಾಗಿ ದೂ.ವಾ.ಸಂ. 9738351048, 9663680001ನ್ನು ಸಂಪರ್ಕಿಸಬೇಕೆಂದು ಸಂಸ್ಥೆಯ ನಿರ್ದೇಶಕ ವಾದಿರಾಜ ಕೆ.ಎನ್. ಪ್ರಕಟಣೆಯಲ್ಲಿ ತಿಳಿಸಿದ್ದಾರೆ.
ಅಪರಿಚಿತ ಶವ ಪತ್ತೆ
ತುಮಕೂರು,ಮಾ.17– ಕೊರಟಗೆರೆ ಪೊಲೀಸ್ ಠಾಣೆ ವ್ಯಾಪ್ತಿ ಕೊರಟಗೆರೆ ಪಟ್ಟಣದ ಹೊರವಲಯ ಕಿಂಗ್ಸ್ ಡಾಬಾದ ಹಿಂಭಾಗದಲ್ಲಿರುವ ಜಂಪೇನಹಳ್ಳಿ ಕೆರೆಯ ನೀರಿನಲ್ಲಿ ಮಾರ್ಚ್ 10ರಂದು ಸುಮಾರು 50 ವರ್ಷದ ಅಪರಿಚಿತ ಶವವೊಂದು ಪತ್ತೆಯಾಗಿದ್ದು, ವಾರಸುದಾರರು ಯಾರೆಂದು ತಿಳಿದು ಬಂದಿರುವುದಿಲ್ಲ. ಮೃತನು ದೃಢಕಾಯ ಶರೀರ ಹೊಂದಿದ್ದು, ಕಪ್ಪು ಮೈಬಣ್ಣ, ಕೋಲು ಮುಖ, ತಲೆಯಲ್ಲಿ ಕಪ್ಪು ಕೂದಲು ಹೊಂದಿದ್ದು, ಕಾಫಿ ಬಣ್ಣದ ಟೀಶರ್ಟ್, ನೀಲಿ ಬಣ್ಣದ ಪ್ಯಾಂಟ್ ಧರಿಸಿರುತ್ತಾನೆ. ಈತನ ವಾರಸುದಾರರು ಯಾರಾದರೂ ಇದ್ದಲ್ಲಿ ದೂ.ವಾ.ಸಂ.08137–282378, 0816–2278000, ಮೊ.ಸಂ. 9480802988–54–24–00ನ್ನು ಸಂಪರ್ಕಿಸಬೇಕೆಂದು ಪೊಲೀಸ್ ಸಬ್ ಇನ್ಸ್‌ಪೆಕ್ಟರ್ ತೀರ್ಥೇಶ್ ವೈ.ಜೆ. ಮನವಿ ಮಾಡಿದ್ದಾರೆ.
